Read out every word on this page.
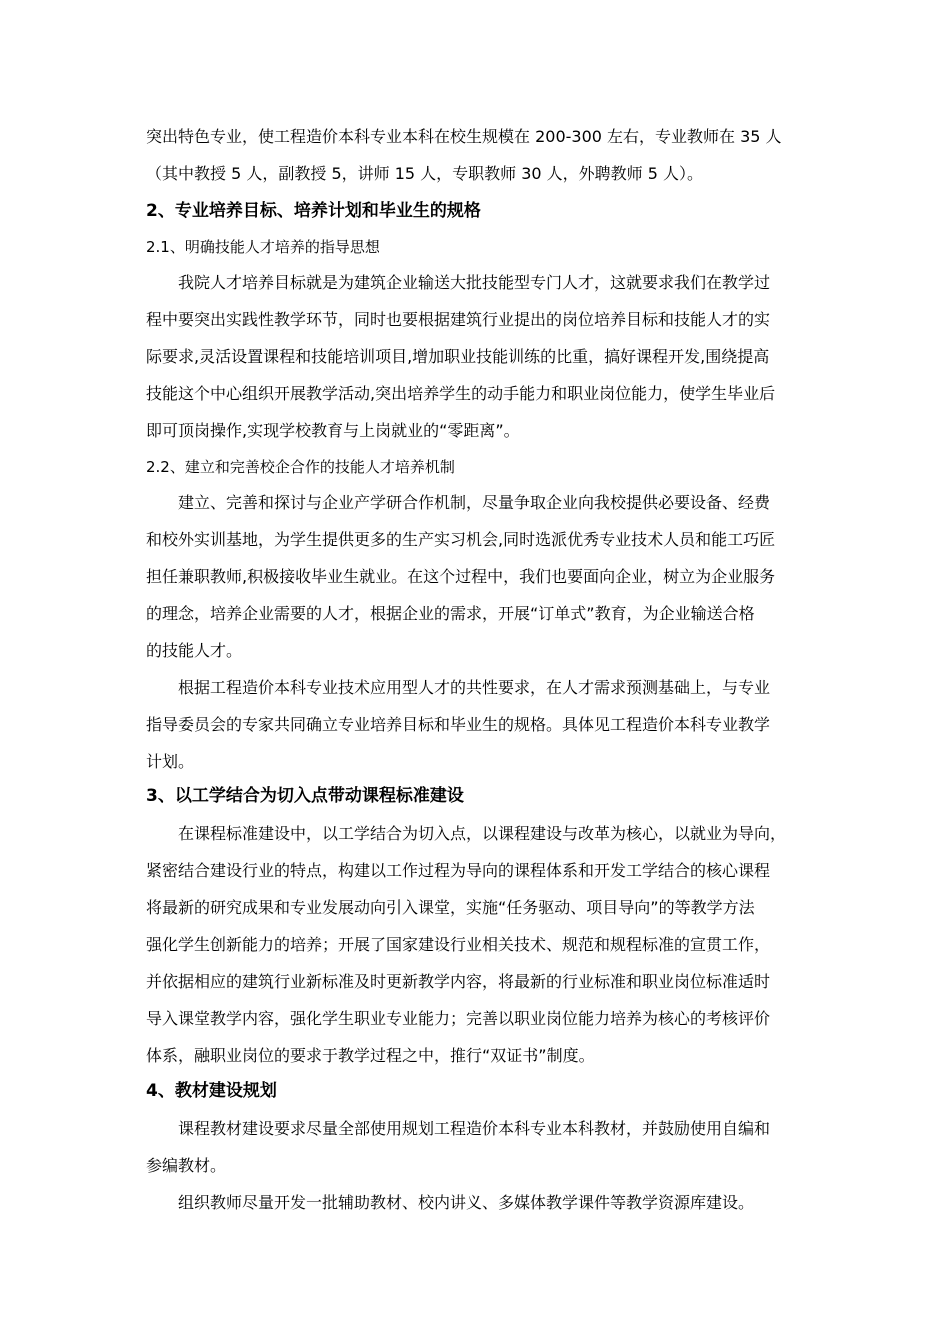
突出特色专业，使工程造价本科专业本科在校生规模在 200-300 左右，专业教师在 35 人
（其中教授 5 人，副教授 5，讲师 15 人，专职教师 30 人，外聘教师 5 人）。

2、专业培养目标、培养计划和毕业生的规格

2.1、明确技能人才培养的指导思想

我院人才培养目标就是为建筑企业输送大批技能型专门人才，这就要求我们在教学过
程中要突出实践性教学环节，同时也要根据建筑行业提出的岗位培养目标和技能人才的实
际要求,灵活设置课程和技能培训项目,增加职业技能训练的比重，搞好课程开发,围绕提高
技能这个中心组织开展教学活动,突出培养学生的动手能力和职业岗位能力，使学生毕业后
即可顶岗操作,实现学校教育与上岗就业的“零距离”。

2.2、建立和完善校企合作的技能人才培养机制

建立、完善和探讨与企业产学研合作机制，尽量争取企业向我校提供必要设备、经费
和校外实训基地，为学生提供更多的生产实习机会,同时选派优秀专业技术人员和能工巧匠
担任兼职教师,积极接收毕业生就业。在这个过程中，我们也要面向企业，树立为企业服务
的理念，培养企业需要的人才，根据企业的需求，开展“订单式”教育，为企业输送合格
的技能人才。

根据工程造价本科专业技术应用型人才的共性要求，在人才需求预测基础上，与专业
指导委员会的专家共同确立专业培养目标和毕业生的规格。具体见工程造价本科专业教学
计划。

3、以工学结合为切入点带动课程标准建设

在课程标准建设中，以工学结合为切入点，以课程建设与改革为核心，以就业为导向，
紧密结合建设行业的特点，构建以工作过程为导向的课程体系和开发工学结合的核心课程
将最新的研究成果和专业发展动向引入课堂，实施“任务驱动、项目导向”的等教学方法
强化学生创新能力的培养；开展了国家建设行业相关技术、规范和规程标准的宣贯工作，
并依据相应的建筑行业新标准及时更新教学内容，将最新的行业标准和职业岗位标准适时
导入课堂教学内容，强化学生职业专业能力；完善以职业岗位能力培养为核心的考核评价
体系，融职业岗位的要求于教学过程之中，推行“双证书”制度。

4、教材建设规划

课程教材建设要求尽量全部使用规划工程造价本科专业本科教材，并鼓励使用自编和
参编教材。

组织教师尽量开发一批辅助教材、校内讲义、多媒体教学课件等教学资源库建设。
